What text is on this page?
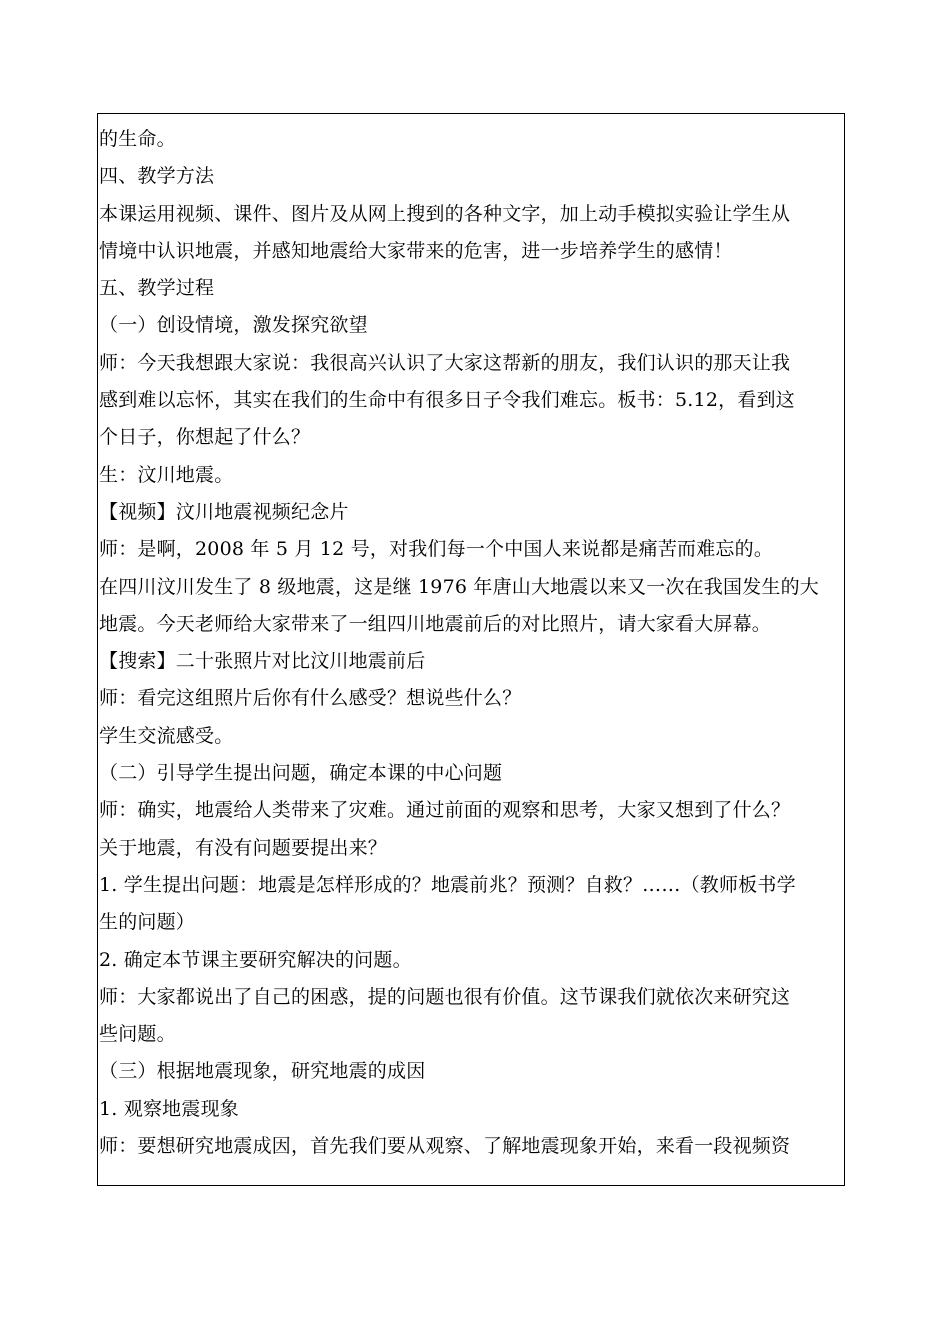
的生命。
四、教学方法
本课运用视频、课件、图片及从网上搜到的各种文字，加上动手模拟实验让学生从
情境中认识地震，并感知地震给大家带来的危害，进一步培养学生的感情！
五、教学过程
（一）创设情境，激发探究欲望
师：今天我想跟大家说：我很高兴认识了大家这帮新的朋友，我们认识的那天让我
感到难以忘怀，其实在我们的生命中有很多日子令我们难忘。板书：5.12，看到这
个日子，你想起了什么？
生：汶川地震。
【视频】汶川地震视频纪念片
师：是啊，2008 年 5 月 12 号，对我们每一个中国人来说都是痛苦而难忘的。
在四川汶川发生了 8 级地震，这是继 1976 年唐山大地震以来又一次在我国发生的大
地震。今天老师给大家带来了一组四川地震前后的对比照片，请大家看大屏幕。
【搜索】二十张照片对比汶川地震前后
师：看完这组照片后你有什么感受？想说些什么？
学生交流感受。
（二）引导学生提出问题，确定本课的中心问题
师：确实，地震给人类带来了灾难。通过前面的观察和思考，大家又想到了什么？
关于地震，有没有问题要提出来？
1. 学生提出问题：地震是怎样形成的？地震前兆？预测？自救？……（教师板书学
生的问题）
2. 确定本节课主要研究解决的问题。
师：大家都说出了自己的困惑，提的问题也很有价值。这节课我们就依次来研究这
些问题。
（三）根据地震现象，研究地震的成因
1. 观察地震现象
师：要想研究地震成因，首先我们要从观察、了解地震现象开始，来看一段视频资
